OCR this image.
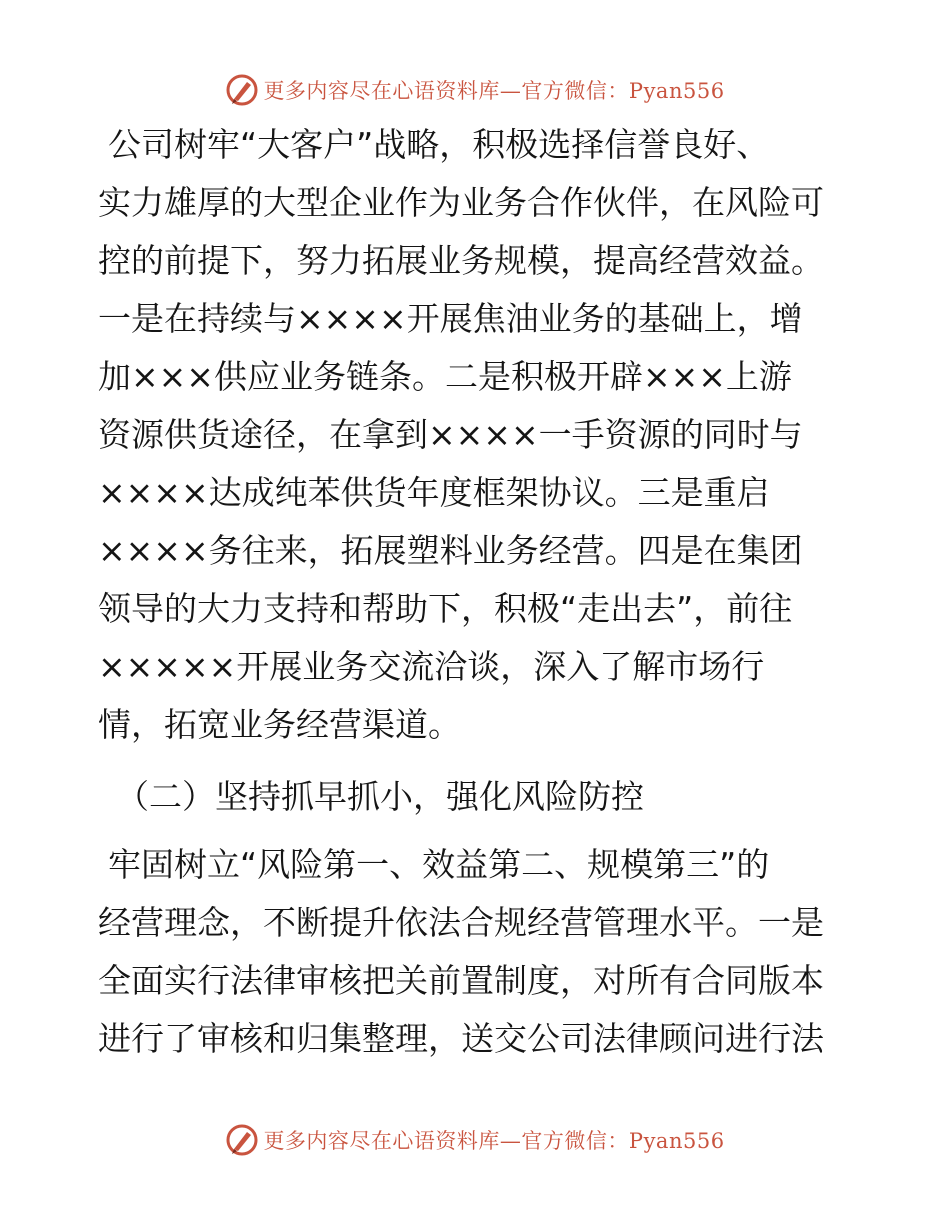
更多内容尽在心语资料库—官方微信：Pyan556
公司树牢“大客户”战略，积极选择信誉良好、
实力雄厚的大型企业作为业务合作伙伴，在风险可
控的前提下，努力拓展业务规模，提高经营效益。
一是在持续与××××开展焦油业务的基础上，增
加×××供应业务链条。二是积极开辟×××上游
资源供货途径，在拿到××××一手资源的同时与
××××达成纯苯供货年度框架协议。三是重启
××××务往来，拓展塑料业务经营。四是在集团
领导的大力支持和帮助下，积极“走出去”，前往
×××××开展业务交流洽谈，深入了解市场行
情，拓宽业务经营渠道。
（二）坚持抓早抓小，强化风险防控
牢固树立“风险第一、效益第二、规模第三”的
经营理念，不断提升依法合规经营管理水平。一是
全面实行法律审核把关前置制度，对所有合同版本
进行了审核和归集整理，送交公司法律顾问进行法
更多内容尽在心语资料库—官方微信：Pyan556
